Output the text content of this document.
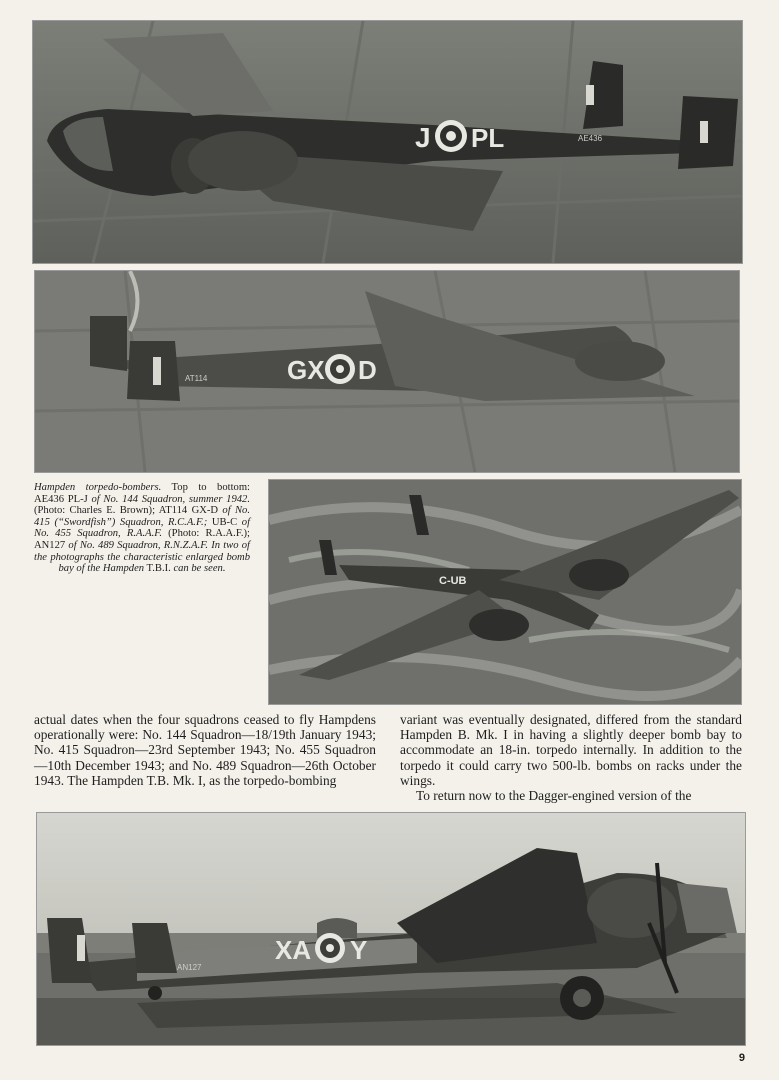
J PL	AE436
GX D
AT114
Hampden torpedo-bombers. Top to bottom: AE436 PL-J of No. 144 Squadron, summer 1942. (Photo: Charles E. Brown); AT114 GX-D of No. 415 (“Swordfish”) Squadron, R.C.A.F.; UB-C of No. 455 Squadron, R.A.A.F. (Photo: R.A.A.F.); AN127 of No. 489 Squadron, R.N.Z.A.F. In two of the photographs the characteristic enlarged bomb bay of the Hampden T.B.I. can be seen.
C-UB

actual dates when the four squadrons ceased to fly Hampdens operationally were: No. 144 Squadron—18/19th January 1943; No. 415 Squadron—23rd September 1943; No. 455 Squadron—10th December 1943; and No. 489 Squadron—26th October 1943. The Hampden T.B. Mk. I, as the torpedo-bombing

variant was eventually designated, differed from the standard Hampden B. Mk. I in having a slightly deeper bomb bay to accommodate an 18-in. torpedo internally. In addition to the torpedo it could carry two 500-lb. bombs on racks under the wings.

To return now to the Dagger-engined version of the

XA Y
AN127
9
